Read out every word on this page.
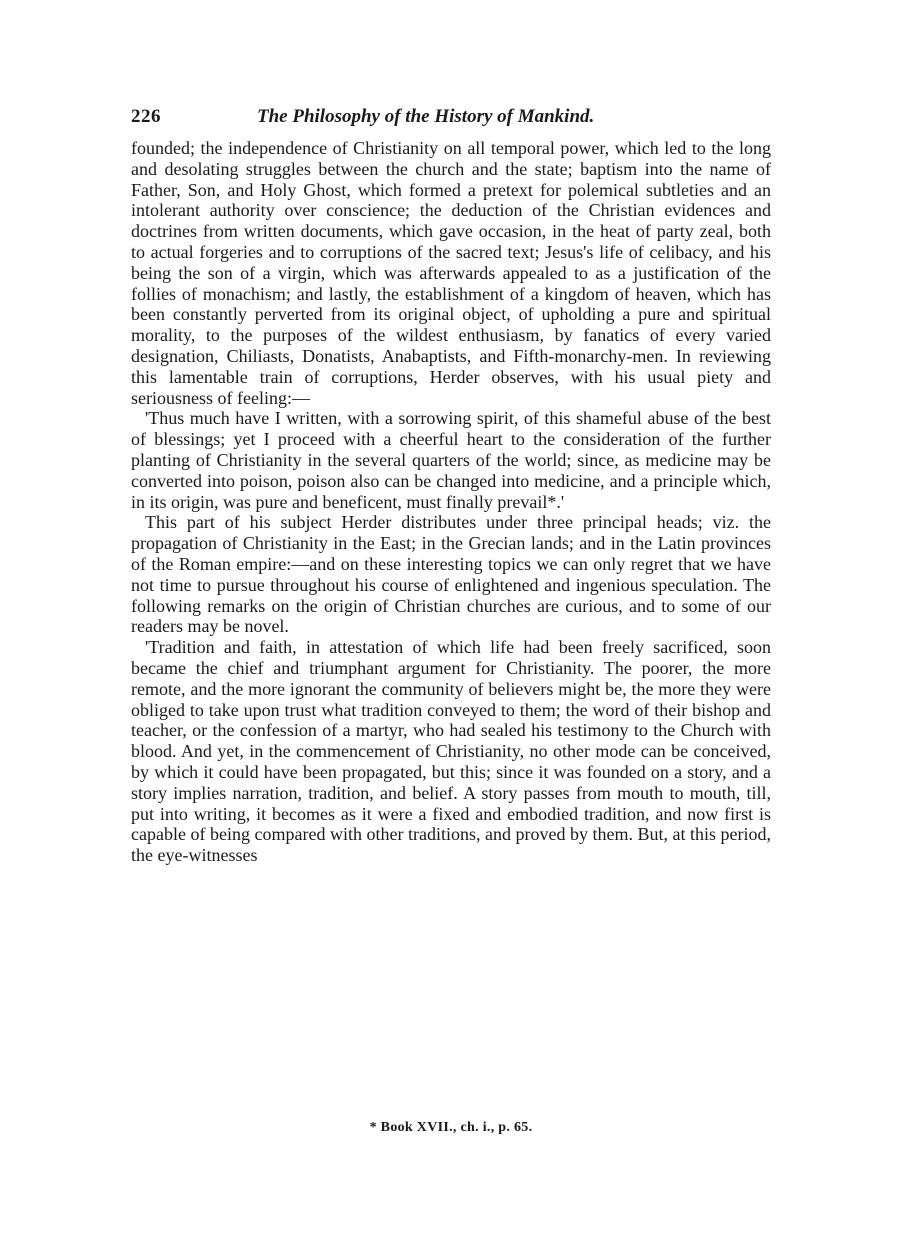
226	The Philosophy of the History of Mankind.

founded; the independence of Christianity on all temporal power, which led to the long and desolating struggles between the church and the state; baptism into the name of Father, Son, and Holy Ghost, which formed a pretext for polemical subtleties and an intolerant authority over conscience; the deduction of the Christian evidences and doctrines from written documents, which gave occasion, in the heat of party zeal, both to actual forgeries and to corruptions of the sacred text; Jesus's life of celibacy, and his being the son of a virgin, which was afterwards appealed to as a justification of the follies of monachism; and lastly, the establishment of a kingdom of heaven, which has been constantly perverted from its original object, of upholding a pure and spiritual morality, to the purposes of the wildest enthusiasm, by fanatics of every varied designation, Chiliasts, Donatists, Anabaptists, and Fifth-monarchy-men. In reviewing this lamentable train of corruptions, Herder observes, with his usual piety and seriousness of feeling:—

'Thus much have I written, with a sorrowing spirit, of this shameful abuse of the best of blessings; yet I proceed with a cheerful heart to the consideration of the further planting of Christianity in the several quarters of the world; since, as medicine may be converted into poison, poison also can be changed into medicine, and a principle which, in its origin, was pure and beneficent, must finally prevail*.'

This part of his subject Herder distributes under three principal heads; viz. the propagation of Christianity in the East; in the Grecian lands; and in the Latin provinces of the Roman empire:—and on these interesting topics we can only regret that we have not time to pursue throughout his course of enlightened and ingenious speculation. The following remarks on the origin of Christian churches are curious, and to some of our readers may be novel.

'Tradition and faith, in attestation of which life had been freely sacrificed, soon became the chief and triumphant argument for Christianity. The poorer, the more remote, and the more ignorant the community of believers might be, the more they were obliged to take upon trust what tradition conveyed to them; the word of their bishop and teacher, or the confession of a martyr, who had sealed his testimony to the Church with blood. And yet, in the commencement of Christianity, no other mode can be conceived, by which it could have been propagated, but this; since it was founded on a story, and a story implies narration, tradition, and belief. A story passes from mouth to mouth, till, put into writing, it becomes as it were a fixed and embodied tradition, and now first is capable of being compared with other traditions, and proved by them. But, at this period, the eye-witnesses

* Book XVII., ch. i., p. 65.
